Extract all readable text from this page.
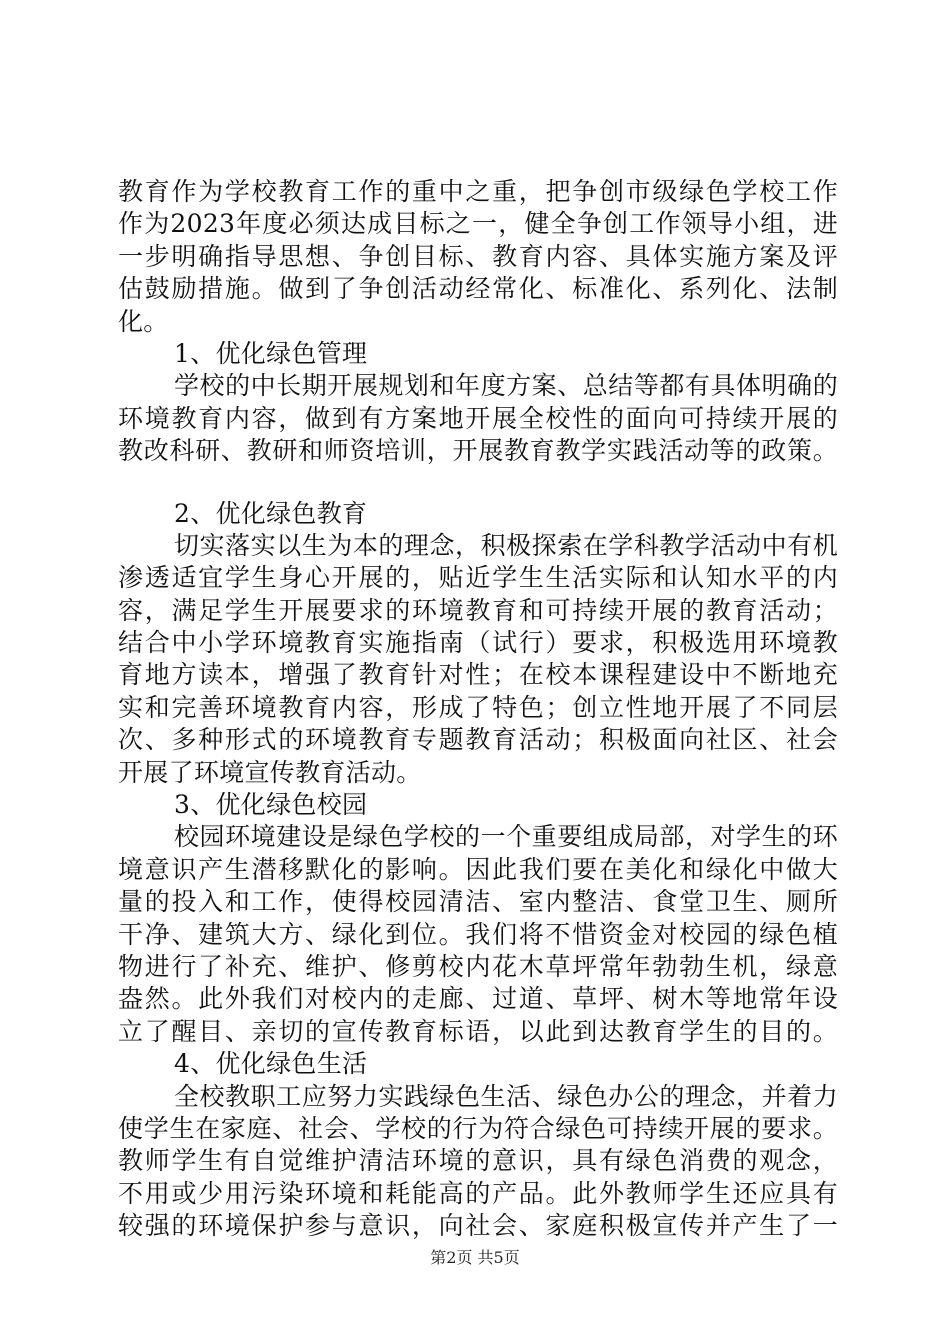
教育作为学校教育工作的重中之重，把争创市级绿色学校工作
作为2023年度必须达成目标之一，健全争创工作领导小组，进
一步明确指导思想、争创目标、教育内容、具体实施方案及评
估鼓励措施。做到了争创活动经常化、标准化、系列化、法制
化。
1、优化绿色管理
学校的中长期开展规划和年度方案、总结等都有具体明确的
环境教育内容，做到有方案地开展全校性的面向可持续开展的
教改科研、教研和师资培训，开展教育教学实践活动等的政策。
2、优化绿色教育
切实落实以生为本的理念，积极探索在学科教学活动中有机
渗透适宜学生身心开展的，贴近学生生活实际和认知水平的内
容，满足学生开展要求的环境教育和可持续开展的教育活动；
结合中小学环境教育实施指南（试行）要求，积极选用环境教
育地方读本，增强了教育针对性；在校本课程建设中不断地充
实和完善环境教育内容，形成了特色；创立性地开展了不同层
次、多种形式的环境教育专题教育活动；积极面向社区、社会
开展了环境宣传教育活动。
3、优化绿色校园
校园环境建设是绿色学校的一个重要组成局部，对学生的环
境意识产生潜移默化的影响。因此我们要在美化和绿化中做大
量的投入和工作，使得校园清洁、室内整洁、食堂卫生、厕所
干净、建筑大方、绿化到位。我们将不惜资金对校园的绿色植
物进行了补充、维护、修剪校内花木草坪常年勃勃生机，绿意
盎然。此外我们对校内的走廊、过道、草坪、树木等地常年设
立了醒目、亲切的宣传教育标语，以此到达教育学生的目的。
4、优化绿色生活
全校教职工应努力实践绿色生活、绿色办公的理念，并着力
使学生在家庭、社会、学校的行为符合绿色可持续开展的要求。
教师学生有自觉维护清洁环境的意识，具有绿色消费的观念，
不用或少用污染环境和耗能高的产品。此外教师学生还应具有
较强的环境保护参与意识，向社会、家庭积极宣传并产生了一
第2页 共5页
